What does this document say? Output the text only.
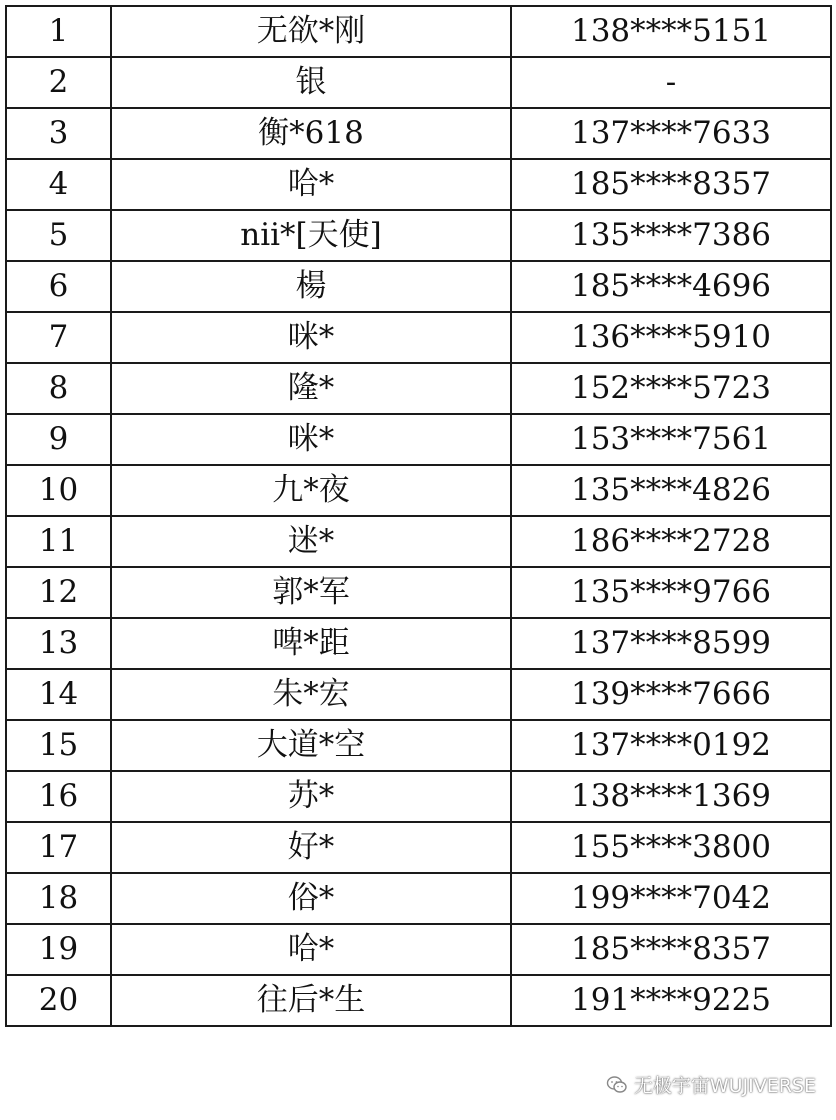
1	无欲*刚	138****5151
2	银	-
3	衡*618	137****7633
4	哈*	185****8357
5	nii*[天使]	135****7386
6	楊	185****4696
7	咪*	136****5910
8	隆*	152****5723
9	咪*	153****7561
10	九*夜	135****4826
11	迷*	186****2728
12	郭*军	135****9766
13	啤*距	137****8599
14	朱*宏	139****7666
15	大道*空	137****0192
16	苏*	138****1369
17	好*	155****3800
18	俗*	199****7042
19	哈*	185****8357
20	往后*生	191****9225
无极宇宙WUJIVERSE
